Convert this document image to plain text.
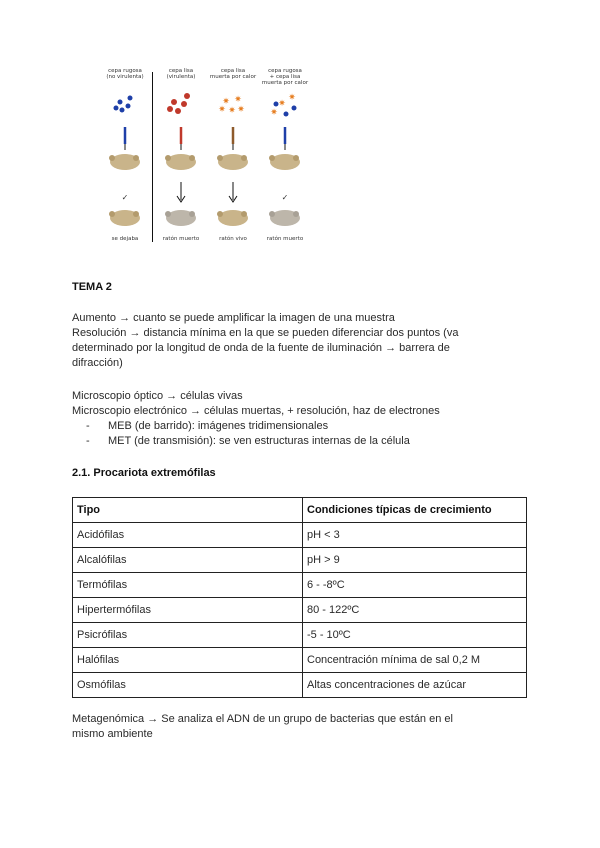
cepa rugosa
(no virulenta)
✓
se dejaba
cepa lisa
(virulenta)
ratón muerto
cepa lisa
muerta por calor
✷ ✷
✷ ✷
✷
ratón vivo
cepa rugosa
+ cepa lisa
muerta por calor
✷
✷
✷
✓
ratón muerto
TEMA 2
Aumento → cuanto se puede amplificar la imagen de una muestra
Resolución → distancia mínima en la que se pueden diferenciar dos puntos (va
determinado por la longitud de onda de la fuente de iluminación → barrera de
difracción)
Microscopio óptico → células vivas
Microscopio electrónico → células muertas, + resolución, haz de electrones
- MEB (de barrido): imágenes tridimensionales
- MET (de transmisión): se ven estructuras internas de la célula
2.1. Procariota extremófilas
Tipo	Condiciones típicas de crecimiento
Acidófilas	pH < 3
Alcalófilas	pH > 9
Termófilas	6 - -8ºC
Hipertermófilas	80 - 122ºC
Psicrófilas	-5 - 10ºC
Halófilas	Concentración mínima de sal 0,2 M
Osmófilas	Altas concentraciones de azúcar
Metagenómica → Se analiza el ADN de un grupo de bacterias que están en el
mismo ambiente
